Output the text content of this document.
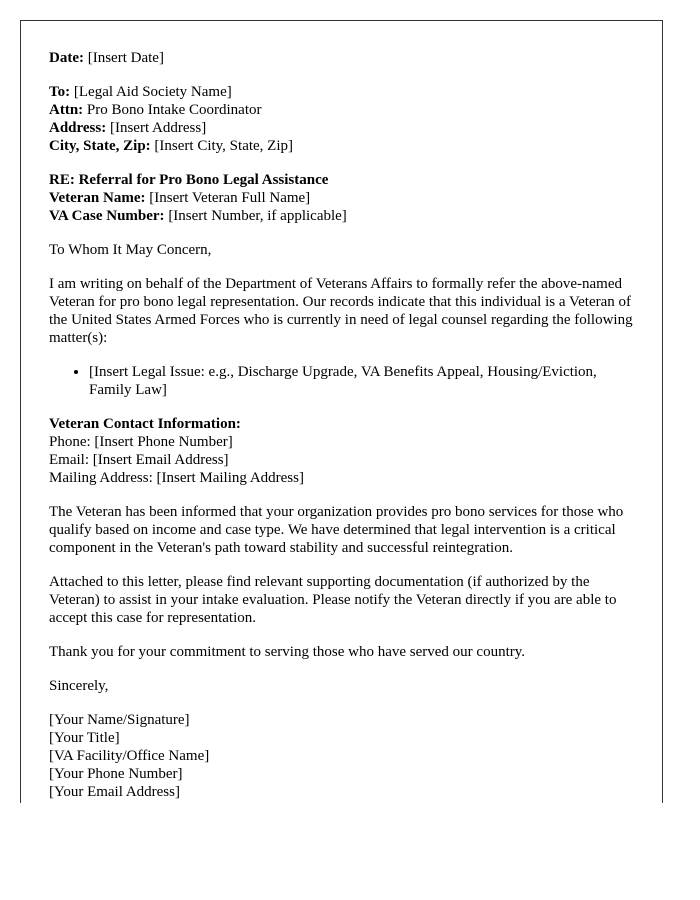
Date: [Insert Date]

To: [Legal Aid Society Name]
Attn: Pro Bono Intake Coordinator
Address: [Insert Address]
City, State, Zip: [Insert City, State, Zip]

RE: Referral for Pro Bono Legal Assistance
Veteran Name: [Insert Veteran Full Name]
VA Case Number: [Insert Number, if applicable]

To Whom It May Concern,

I am writing on behalf of the Department of Veterans Affairs to formally refer the above-named Veteran for pro bono legal representation. Our records indicate that this individual is a Veteran of the United States Armed Forces who is currently in need of legal counsel regarding the following matter(s):

• [Insert Legal Issue: e.g., Discharge Upgrade, VA Benefits Appeal, Housing/Eviction, Family Law]

Veteran Contact Information:
Phone: [Insert Phone Number]
Email: [Insert Email Address]
Mailing Address: [Insert Mailing Address]

The Veteran has been informed that your organization provides pro bono services for those who qualify based on income and case type. We have determined that legal intervention is a critical component in the Veteran's path toward stability and successful reintegration.

Attached to this letter, please find relevant supporting documentation (if authorized by the Veteran) to assist in your intake evaluation. Please notify the Veteran directly if you are able to accept this case for representation.

Thank you for your commitment to serving those who have served our country.

Sincerely,

[Your Name/Signature]

[Your Title]

[VA Facility/Office Name]

[Your Phone Number]

[Your Email Address]
